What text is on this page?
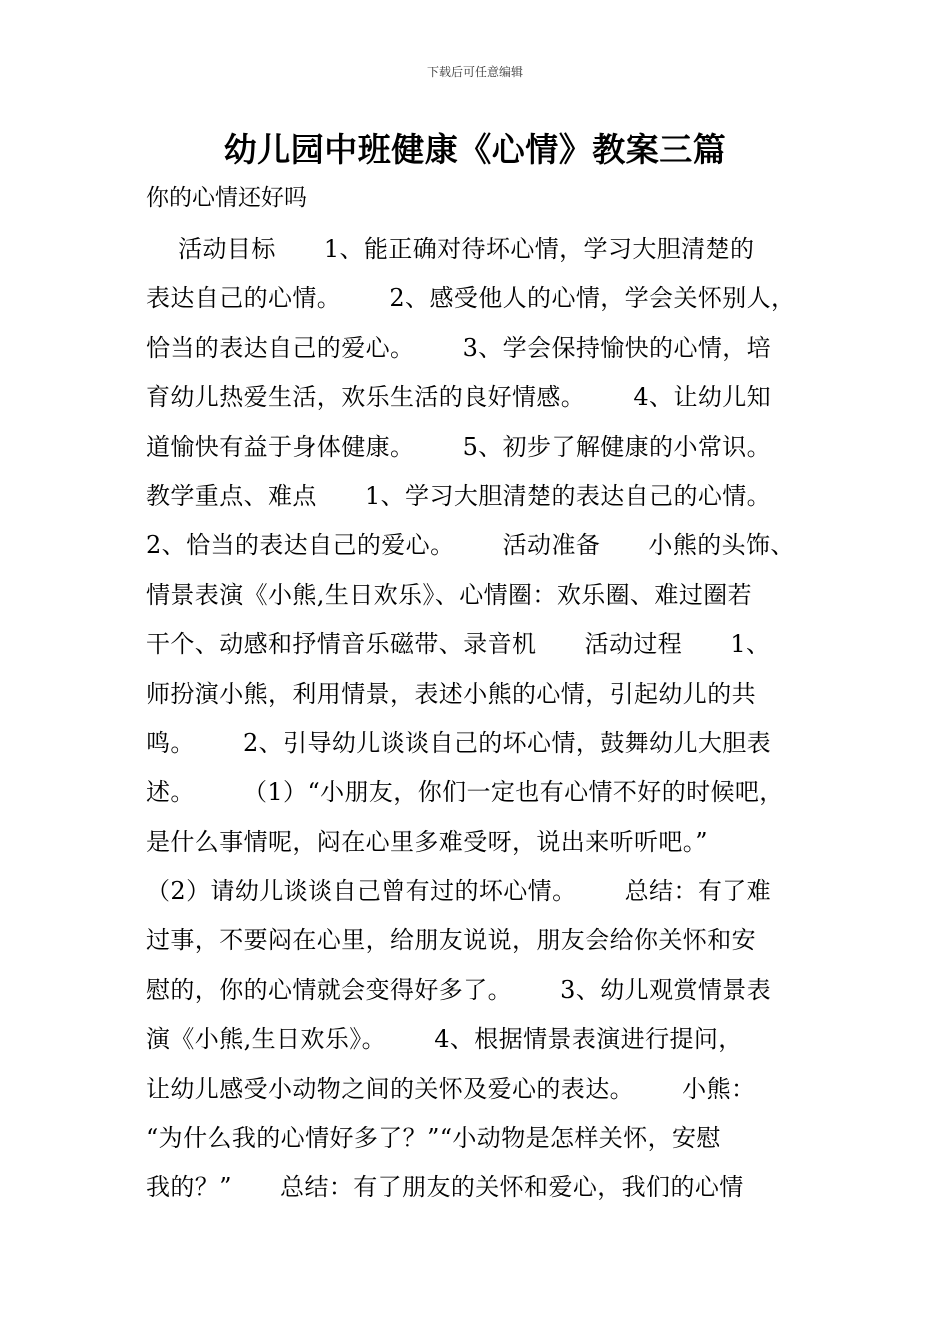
下载后可任意编辑
幼儿园中班健康《心情》教案三篇
你的心情还好吗
活动目标      1、能正确对待坏心情，学习大胆清楚的
表达自己的心情。      2、感受他人的心情，学会关怀别人，
恰当的表达自己的爱心。      3、学会保持愉快的心情，培
育幼儿热爱生活，欢乐生活的良好情感。      4、让幼儿知
道愉快有益于身体健康。      5、初步了解健康的小常识。
教学重点、难点      1、学习大胆清楚的表达自己的心情。
2、恰当的表达自己的爱心。      活动准备      小熊的头饰、
情景表演《小熊,生日欢乐》、心情圈：欢乐圈、难过圈若
干个、动感和抒情音乐磁带、录音机      活动过程      1、
师扮演小熊，利用情景，表述小熊的心情，引起幼儿的共
鸣。      2、引导幼儿谈谈自己的坏心情，鼓舞幼儿大胆表
述。      （1）“小朋友，你们一定也有心情不好的时候吧，
是什么事情呢，闷在心里多难受呀，说出来听听吧。”
（2）请幼儿谈谈自己曾有过的坏心情。      总结：有了难
过事，不要闷在心里，给朋友说说，朋友会给你关怀和安
慰的，你的心情就会变得好多了。      3、幼儿观赏情景表
演《小熊,生日欢乐》。      4、根据情景表演进行提问，
让幼儿感受小动物之间的关怀及爱心的表达。      小熊：
“为什么我的心情好多了？”“小动物是怎样关怀，安慰
我的？”      总结：有了朋友的关怀和爱心，我们的心情
